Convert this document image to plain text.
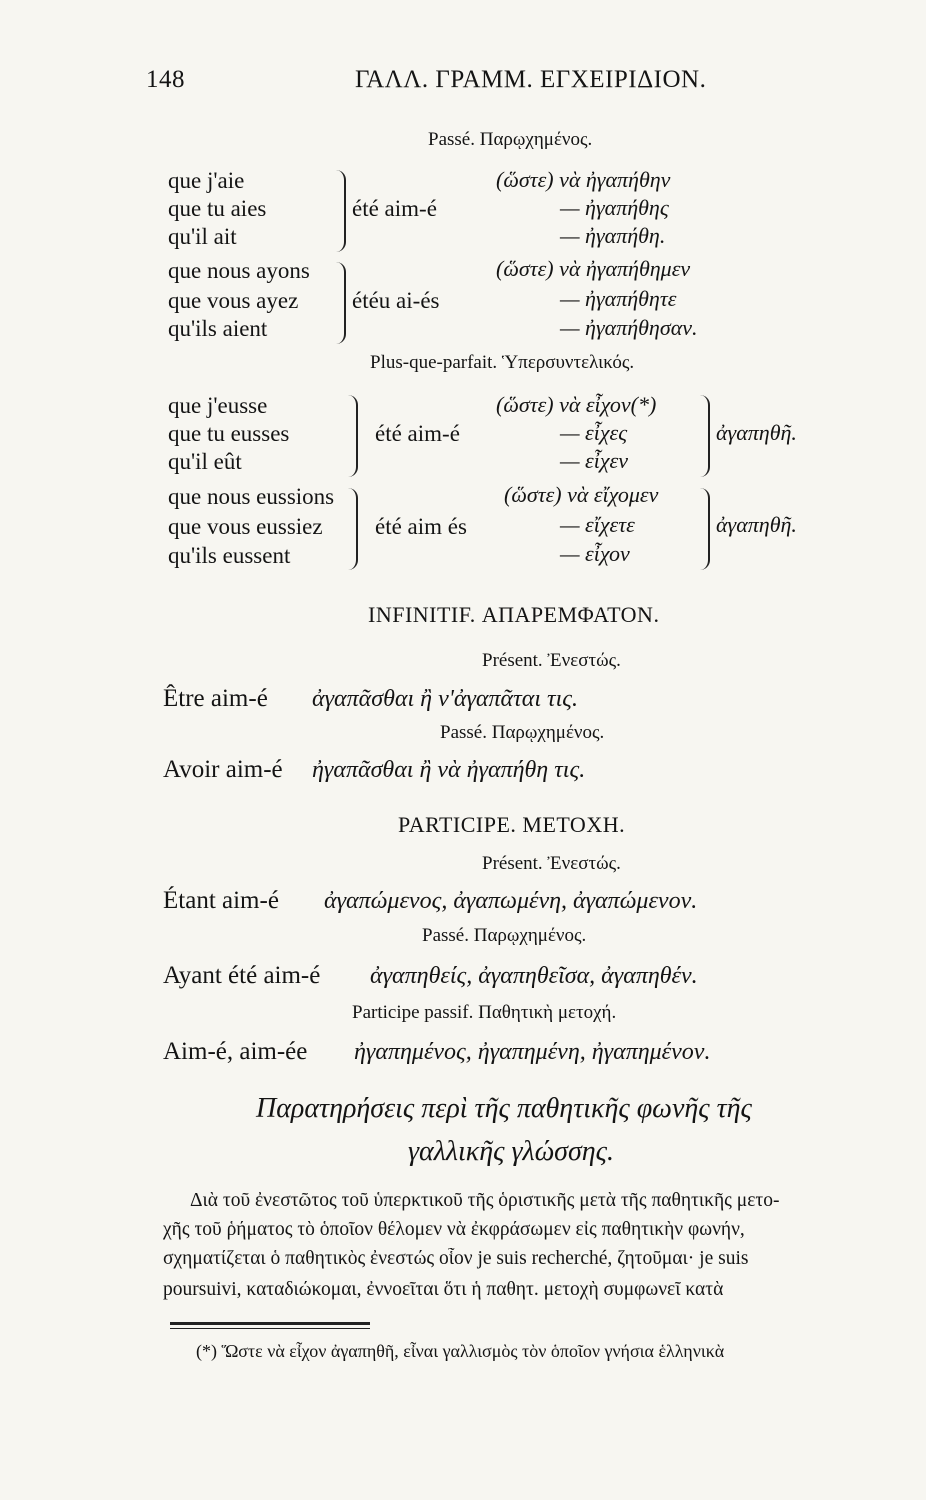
148	ΓΑΛΛ. ΓΡΑΜΜ. ΕΓΧΕΙΡΙΔΙΟΝ.
Passé. Παρῳχημένος.
que j'aie
que tu aies
qu'il ait
que nous ayons
que vous ayez
qu'ils aient
été aim-é
étéu ai-és
(ὥστε) νὰ ἠγαπήθην
— ἠγαπήθης
— ἠγαπήθη.
(ὥστε) νὰ ἠγαπήθημεν
— ἠγαπήθητε
— ἠγαπήθησαν.
Plus-que-parfait. Ὑπερσυντελικός.
que j'eusse
que tu eusses
qu'il eût
que nous eussions
que vous eussiez
qu'ils eussent
été aim-é
été aim és
(ὥστε) νὰ εἶχον(*)
— εἶχες
— εἶχεν
(ὥστε) νὰ εἴχομεν
— εἴχετε
— εἶχον
ἀγαπηθῆ.
ἀγαπηθῆ.
INFINITIF. ΑΠΑΡΕΜΦΑΤΟΝ.
Présent. Ἐνεστώς.
Être aim-é ἀγαπᾶσθαι ἢ ν'ἀγαπᾶται τις.
Passé. Παρῳχημένος.
Avoir aim-é ἠγαπᾶσθαι ἢ νὰ ἠγαπήθη τις.
PARTICIPE. ΜΕΤΟΧΗ.
Présent. Ἐνεστώς.
Étant aim-é ἀγαπώμενος, ἀγαπωμένη, ἀγαπώμενον.
Passé. Παρῳχημένος.
Ayant été aim-é ἀγαπηθείς, ἀγαπηθεῖσα, ἀγαπηθέν.
Participe passif. Παθητικὴ μετοχή.
Aim-é, aim-ée ἠγαπημένος, ἠγαπημένη, ἠγαπημένον.
Παρατηρήσεις περὶ τῆς παθητικῆς φωνῆς τῆς
γαλλικῆς γλώσσης.
Διὰ τοῦ ἐνεστῶτος τοῦ ὑπερκτικοῦ τῆς ὁριστικῆς μετὰ τῆς παθητικῆς μετο-
χῆς τοῦ ῥήματος τὸ ὁποῖον θέλομεν νὰ ἐκφράσωμεν εἰς παθητικὴν φωνήν,
σχηματίζεται ὁ παθητικὸς ἐνεστώς οἷον je suis recherché, ζητοῦμαι· je suis
poursuivi, καταδιώκομαι, ἐννοεῖται ὅτι ἡ παθητ. μετοχὴ συμφωνεῖ κατὰ
(*) Ὥστε νὰ εἶχον ἀγαπηθῆ, εἶναι γαλλισμὸς τὸν ὁποῖον γνήσια ἑλληνικὰ
